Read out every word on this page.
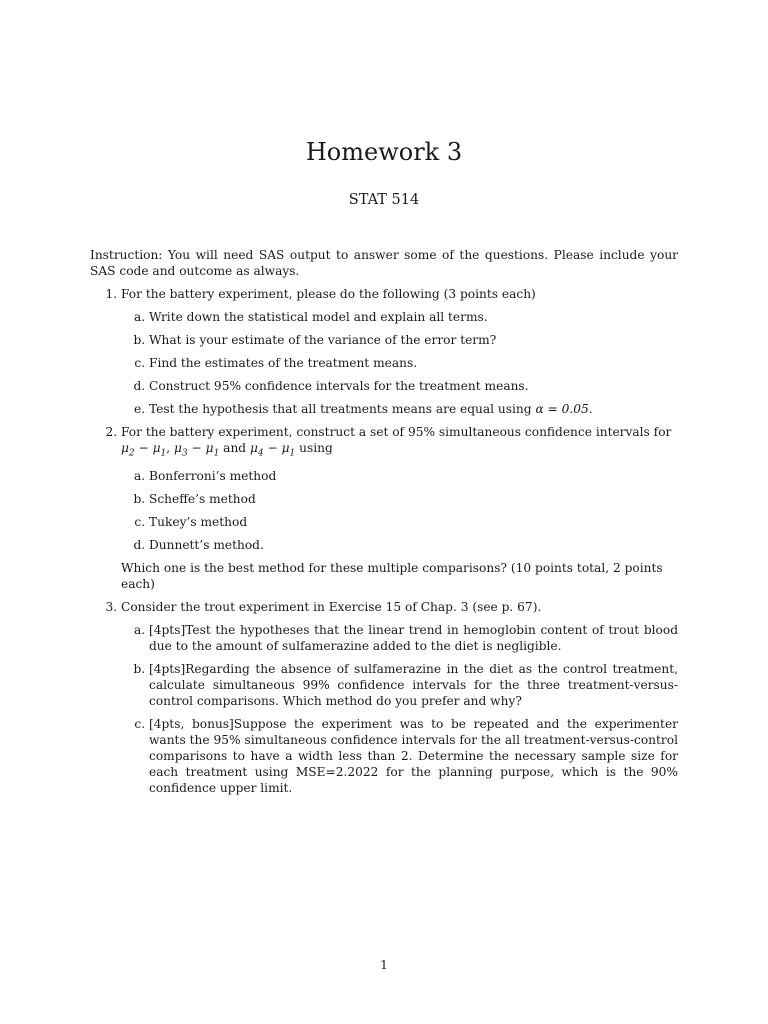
Homework 3
STAT 514

Instruction: You will need SAS output to answer some of the questions. Please include your SAS code and outcome as always.

1. For the battery experiment, please do the following (3 points each)
a. Write down the statistical model and explain all terms.
b. What is your estimate of the variance of the error term?
c. Find the estimates of the treatment means.
d. Construct 95% confidence intervals for the treatment means.
e. Test the hypothesis that all treatments means are equal using α = 0.05.
2. For the battery experiment, construct a set of 95% simultaneous confidence intervals for $\mu_2 - \mu_1$, $\mu_3 - \mu_1$ and $\mu_4 - \mu_1$ using
a. Bonferroni’s method
b. Scheffe’s method
c. Tukey’s method
d. Dunnett’s method.

Which one is the best method for these multiple comparisons? (10 points total, 2 points each)

3. Consider the trout experiment in Exercise 15 of Chap. 3 (see p. 67).
a. [4pts]Test the hypotheses that the linear trend in hemoglobin content of trout blood due to the amount of sulfamerazine added to the diet is negligible.
b. [4pts]Regarding the absence of sulfamerazine in the diet as the control treatment, calculate simultaneous 99% confidence intervals for the three treatment-versus-control comparisons. Which method do you prefer and why?
c. [4pts, bonus]Suppose the experiment was to be repeated and the experimenter wants the 95% simultaneous confidence intervals for the all treatment-versus-control comparisons to have a width less than 2. Determine the necessary sample size for each treatment using MSE=2.2022 for the planning purpose, which is the 90% confidence upper limit.
1
